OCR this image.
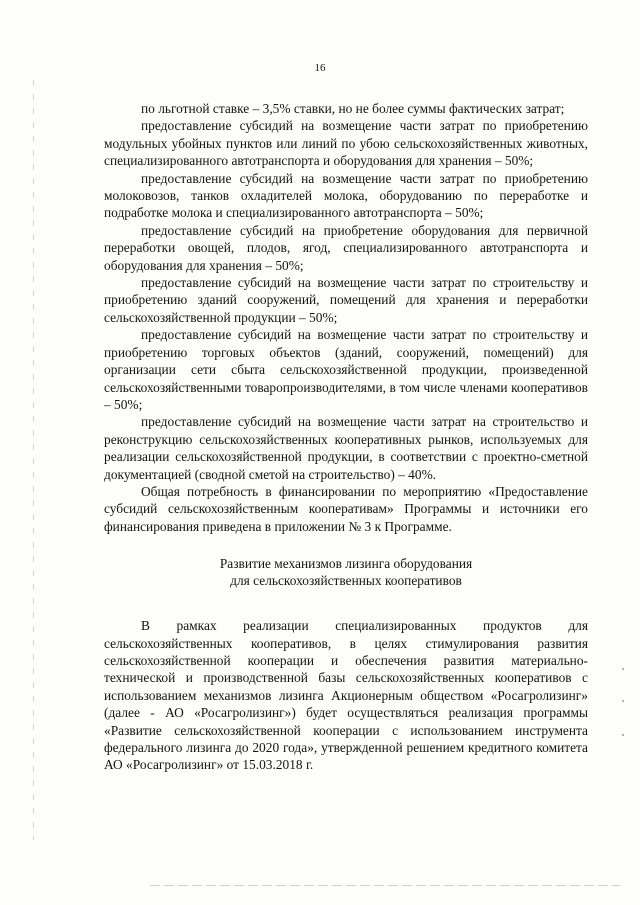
16

по льготной ставке – 3,5% ставки, но не более суммы фактических затрат;

предоставление субсидий на возмещение части затрат по приобретению модульных убойных пунктов или линий по убою сельскохозяйственных животных, специализированного автотранспорта и оборудования для хранения – 50%;

предоставление субсидий на возмещение части затрат по приобретению молоковозов, танков охладителей молока, оборудованию по переработке и подработке молока и специализированного автотранспорта – 50%;

предоставление субсидий на приобретение оборудования для первичной переработки овощей, плодов, ягод, специализированного автотранспорта и оборудования для хранения – 50%;

предоставление субсидий на возмещение части затрат по строительству и приобретению зданий сооружений, помещений для хранения и переработки сельскохозяйственной продукции – 50%;

предоставление субсидий на возмещение части затрат по строительству и приобретению торговых объектов (зданий, сооружений, помещений) для организации сети сбыта сельскохозяйственной продукции, произведенной сельскохозяйственными товаропроизводителями, в том числе членами кооперативов – 50%;

предоставление субсидий на возмещение части затрат на строительство и реконструкцию сельскохозяйственных кооперативных рынков, используемых для реализации сельскохозяйственной продукции, в соответствии с проектно-сметной документацией (сводной сметой на строительство) – 40%.

Общая потребность в финансировании по мероприятию «Предоставление субсидий сельскохозяйственным кооперативам» Программы и источники его финансирования приведена в приложении № 3 к Программе.

Развитие механизмов лизинга оборудования
для сельскохозяйственных кооперативов

В рамках реализации специализированных продуктов для сельскохозяйственных кооперативов, в целях стимулирования развития сельскохозяйственной кооперации и обеспечения развития материально-технической и производственной базы сельскохозяйственных кооперативов с использованием механизмов лизинга Акционерным обществом «Росагролизинг» (далее - АО «Росагролизинг») будет осуществляться реализация программы «Развитие сельскохозяйственной кооперации с использованием инструмента федерального лизинга до 2020 года», утвержденной решением кредитного комитета АО «Росагролизинг» от 15.03.2018 г.
